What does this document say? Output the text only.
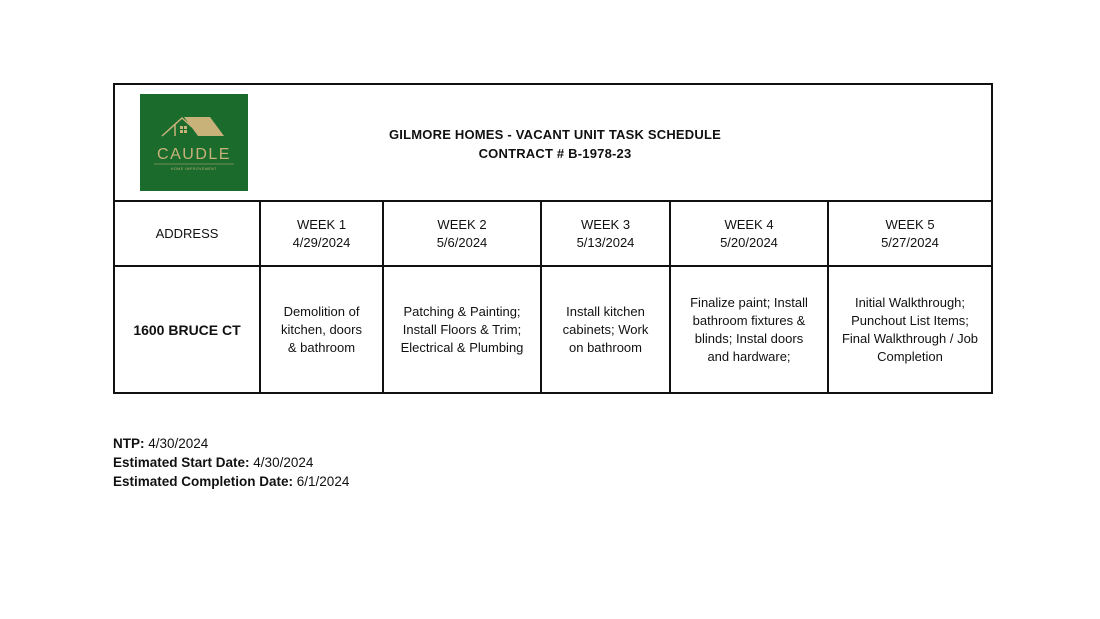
CAUDLE
HOME IMPROVEMENT
GILMORE HOMES - VACANT UNIT TASK SCHEDULE
CONTRACT # B-1978-23
ADDRESS
WEEK 1
4/29/2024
WEEK 2
5/6/2024
WEEK 3
5/13/2024
WEEK 4
5/20/2024
WEEK 5
5/27/2024
1600 BRUCE CT
Demolition of kitchen, doors & bathroom
Patching & Painting; Install Floors & Trim; Electrical & Plumbing
Install kitchen cabinets; Work on bathroom
Finalize paint; Install bathroom fixtures & blinds; Instal doors and hardware;
Initial Walkthrough; Punchout List Items; Final Walkthrough / Job Completion
NTP: 4/30/2024
Estimated Start Date: 4/30/2024
Estimated Completion Date: 6/1/2024
